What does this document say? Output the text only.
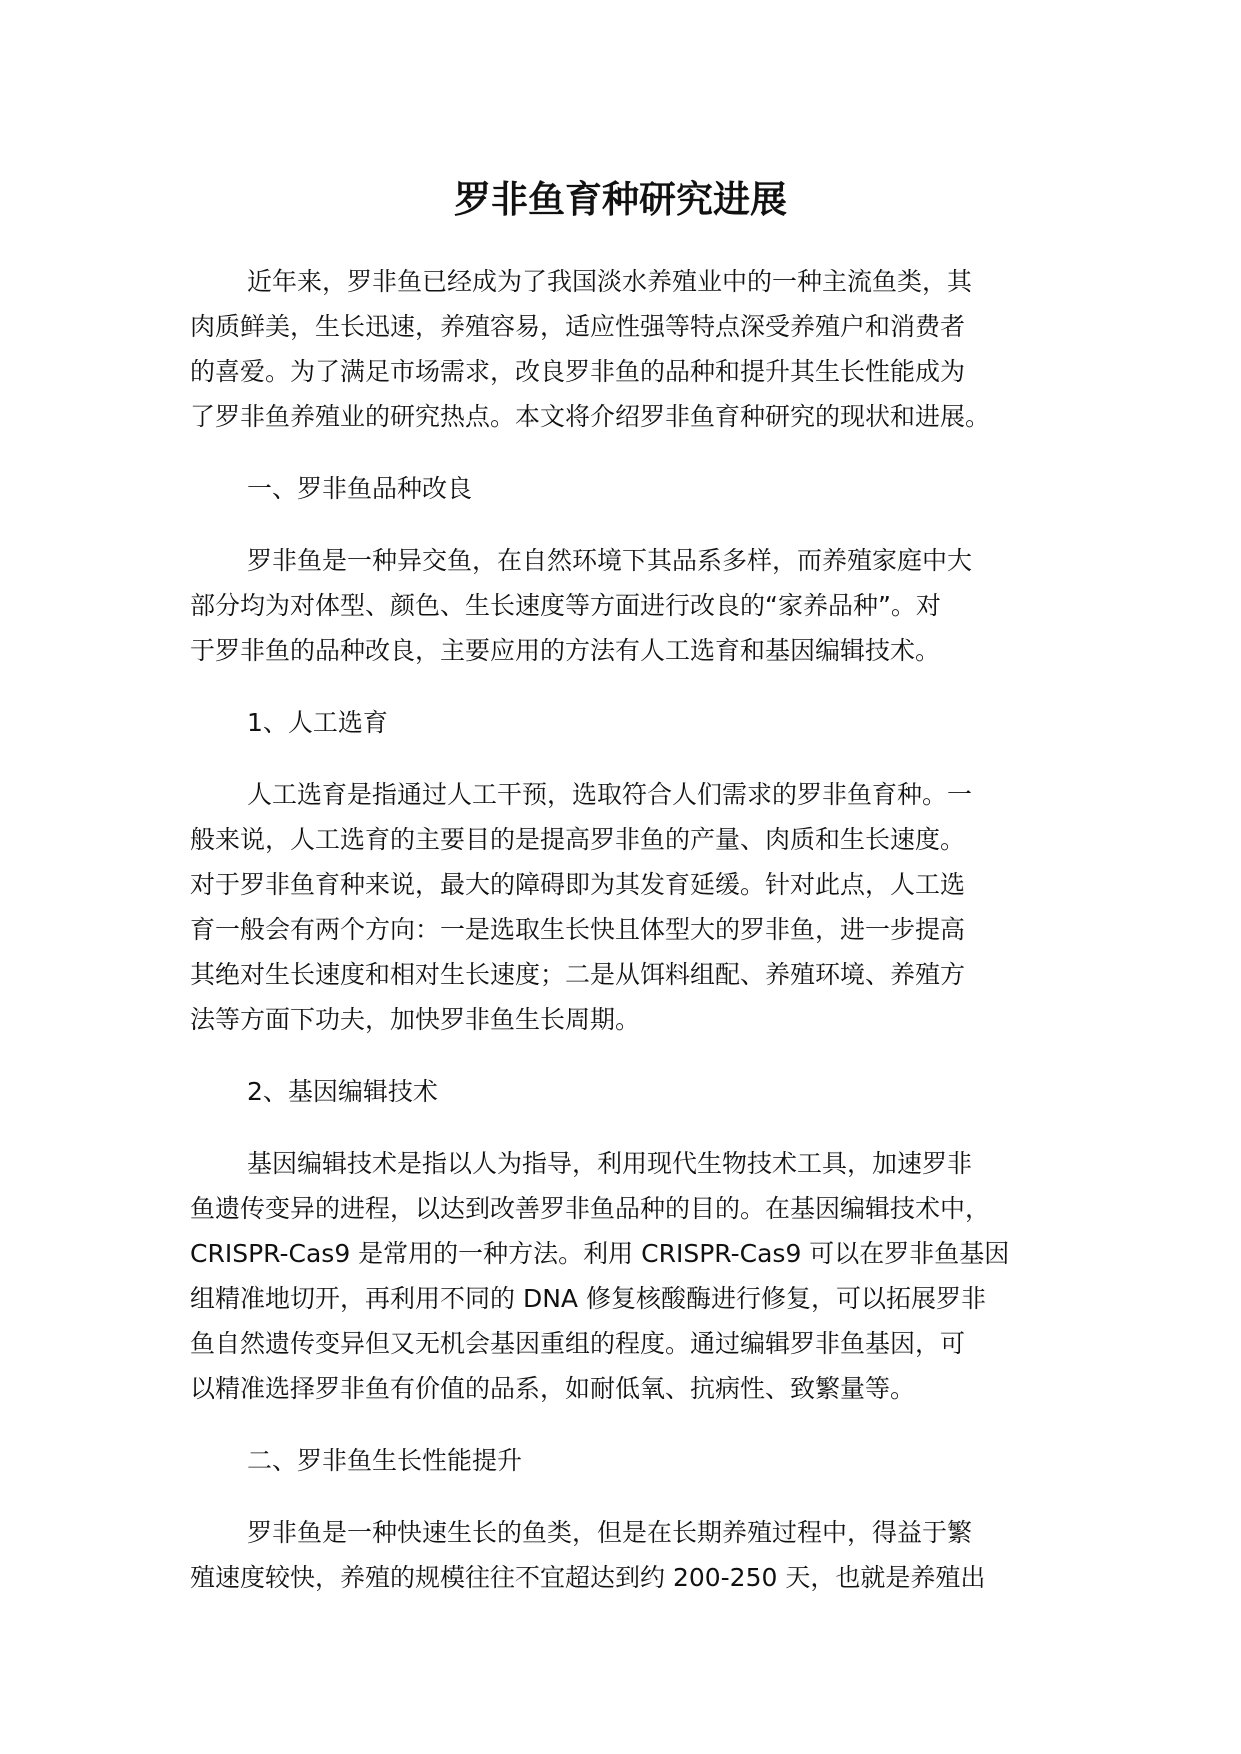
罗非鱼育种研究进展
近年来，罗非鱼已经成为了我国淡水养殖业中的一种主流鱼类，其
肉质鲜美，生长迅速，养殖容易，适应性强等特点深受养殖户和消费者
的喜爱。为了满足市场需求，改良罗非鱼的品种和提升其生长性能成为
了罗非鱼养殖业的研究热点。本文将介绍罗非鱼育种研究的现状和进展。
一、罗非鱼品种改良
罗非鱼是一种异交鱼，在自然环境下其品系多样，而养殖家庭中大
部分均为对体型、颜色、生长速度等方面进行改良的“家养品种”。对
于罗非鱼的品种改良，主要应用的方法有人工选育和基因编辑技术。
1、人工选育
人工选育是指通过人工干预，选取符合人们需求的罗非鱼育种。一
般来说，人工选育的主要目的是提高罗非鱼的产量、肉质和生长速度。
对于罗非鱼育种来说，最大的障碍即为其发育延缓。针对此点，人工选
育一般会有两个方向：一是选取生长快且体型大的罗非鱼，进一步提高
其绝对生长速度和相对生长速度；二是从饵料组配、养殖环境、养殖方
法等方面下功夫，加快罗非鱼生长周期。
2、基因编辑技术
基因编辑技术是指以人为指导，利用现代生物技术工具，加速罗非
鱼遗传变异的进程，以达到改善罗非鱼品种的目的。在基因编辑技术中，
CRISPR-Cas9 是常用的一种方法。利用 CRISPR-Cas9 可以在罗非鱼基因
组精准地切开，再利用不同的 DNA 修复核酸酶进行修复，可以拓展罗非
鱼自然遗传变异但又无机会基因重组的程度。通过编辑罗非鱼基因，可
以精准选择罗非鱼有价值的品系，如耐低氧、抗病性、致繁量等。
二、罗非鱼生长性能提升
罗非鱼是一种快速生长的鱼类，但是在长期养殖过程中，得益于繁
殖速度较快，养殖的规模往往不宜超达到约 200-250 天，也就是养殖出
